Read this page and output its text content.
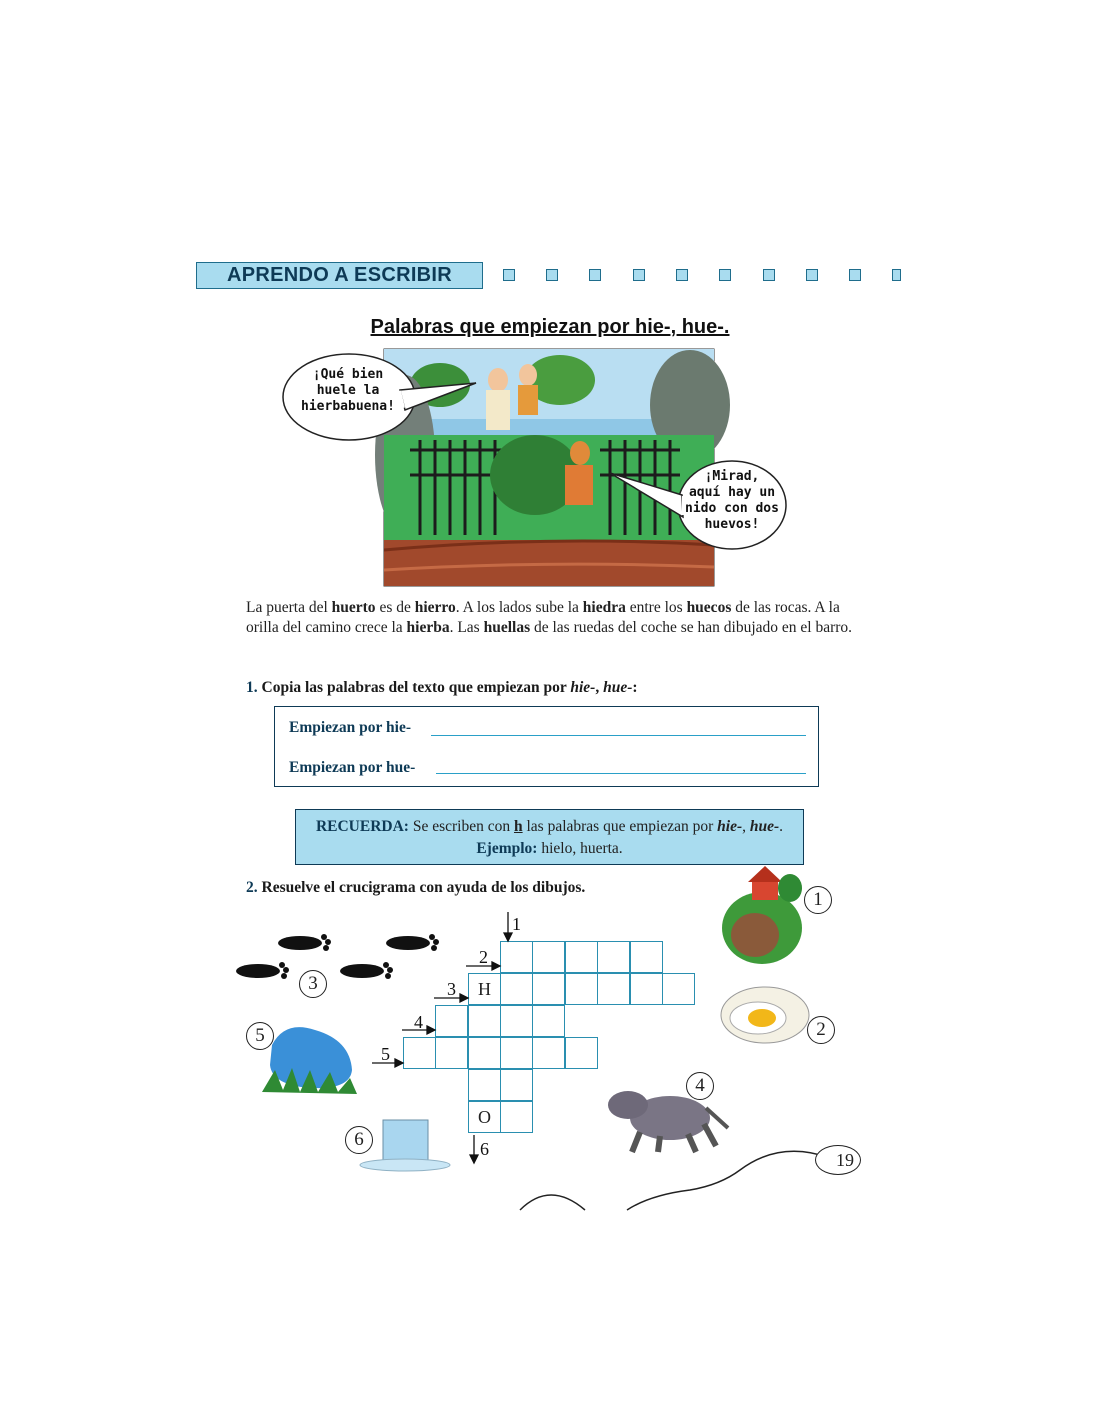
APRENDO A ESCRIBIR
Palabras que empiezan por hie-, hue-.
¡Qué bien
huele la
hierbabuena!
¡Mirad,
aquí hay un
nido con dos
huevos!
La puerta del huerto es de hierro. A los lados sube la hiedra entre los huecos de las rocas. A la orilla del camino crece la hierba. Las huellas de las ruedas del coche se han dibujado en el barro.
1. Copia las palabras del texto que empiezan por hie-, hue-:
Empiezan por hie-
Empiezan por hue-
RECUERDA: Se escriben con h las palabras que empiezan por hie-, hue-.
Ejemplo: hielo, huerta.
2. Resuelve el crucigrama con ayuda de los dibujos.
H
O
1
2
3
4
5
6
1
2
3
4
5
6
19
